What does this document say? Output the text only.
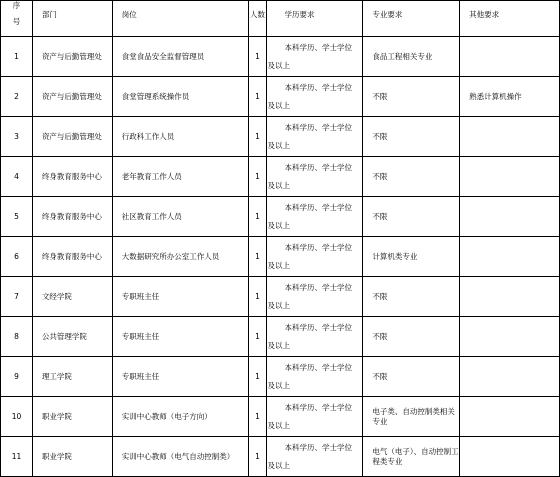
序
号	部门	岗位	人数	学历要求	专业要求	其他要求
1	资产与后勤管理处	食堂食品安全监督管理员	1	本科学历、学士学位
及以上	食品工程相关专业	
2	资产与后勤管理处	食堂管理系统操作员	1	本科学历、学士学位
及以上	不限	熟悉计算机操作
3	资产与后勤管理处	行政科工作人员	1	本科学历、学士学位
及以上	不限	
4	终身教育服务中心	老年教育工作人员	1	本科学历、学士学位
及以上	不限	
5	终身教育服务中心	社区教育工作人员	1	本科学历、学士学位
及以上	不限	
6	终身教育服务中心	大数据研究所办公室工作人员	1	本科学历、学士学位
及以上	计算机类专业	
7	文经学院	专职班主任	1	本科学历、学士学位
及以上	不限	
8	公共管理学院	专职班主任	1	本科学历、学士学位
及以上	不限	
9	理工学院	专职班主任	1	本科学历、学士学位
及以上	不限	
10	职业学院	实训中心教师（电子方向）	1	本科学历、学士学位
及以上	电子类、自动控制类相关专业	
11	职业学院	实训中心教师（电气自动控制类）	1	本科学历、学士学位
及以上	电气（电子）、自动控制工程类专业	
